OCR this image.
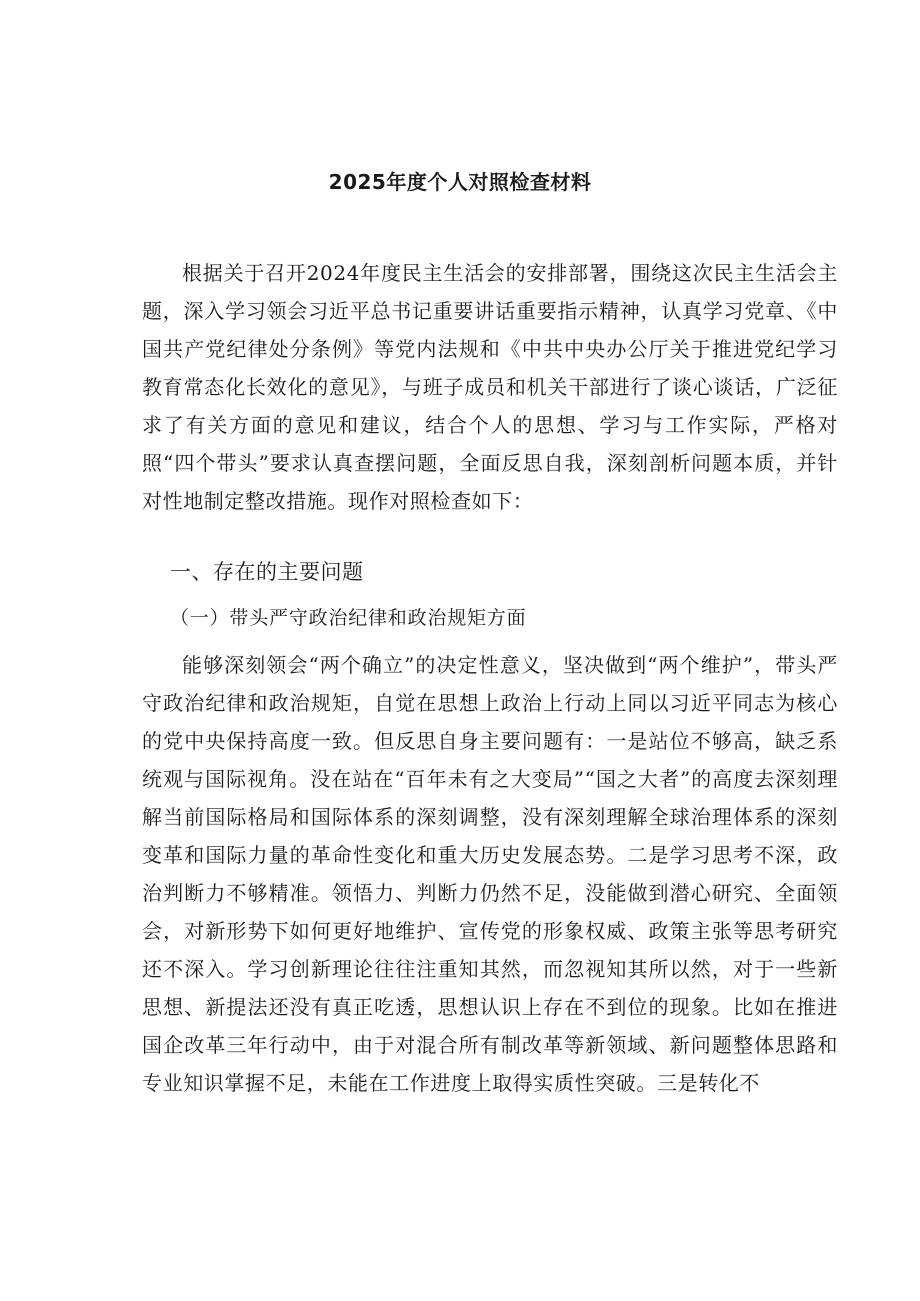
2025年度个人对照检查材料

根据关于召开2024年度民主生活会的安排部署，围绕这次民主生活会主题，深入学习领会习近平总书记重要讲话重要指示精神，认真学习党章、《中国共产党纪律处分条例》等党内法规和《中共中央办公厅关于推进党纪学习教育常态化长效化的意见》，与班子成员和机关干部进行了谈心谈话，广泛征求了有关方面的意见和建议，结合个人的思想、学习与工作实际，严格对照“四个带头”要求认真查摆问题，全面反思自我，深刻剖析问题本质，并针对性地制定整改措施。现作对照检查如下：

一、存在的主要问题
（一）带头严守政治纪律和政治规矩方面

能够深刻领会“两个确立”的决定性意义，坚决做到“两个维护”，带头严守政治纪律和政治规矩，自觉在思想上政治上行动上同以习近平同志为核心的党中央保持高度一致。但反思自身主要问题有：一是站位不够高，缺乏系统观与国际视角。没在站在“百年未有之大变局”“国之大者”的高度去深刻理解当前国际格局和国际体系的深刻调整，没有深刻理解全球治理体系的深刻变革和国际力量的革命性变化和重大历史发展态势。二是学习思考不深，政治判断力不够精准。领悟力、判断力仍然不足，没能做到潜心研究、全面领会，对新形势下如何更好地维护、宣传党的形象权威、政策主张等思考研究还不深入。学习创新理论往往注重知其然，而忽视知其所以然，对于一些新思想、新提法还没有真正吃透，思想认识上存在不到位的现象。比如在推进国企改革三年行动中，由于对混合所有制改革等新领域、新问题整体思路和专业知识掌握不足，未能在工作进度上取得实质性突破。三是转化不
